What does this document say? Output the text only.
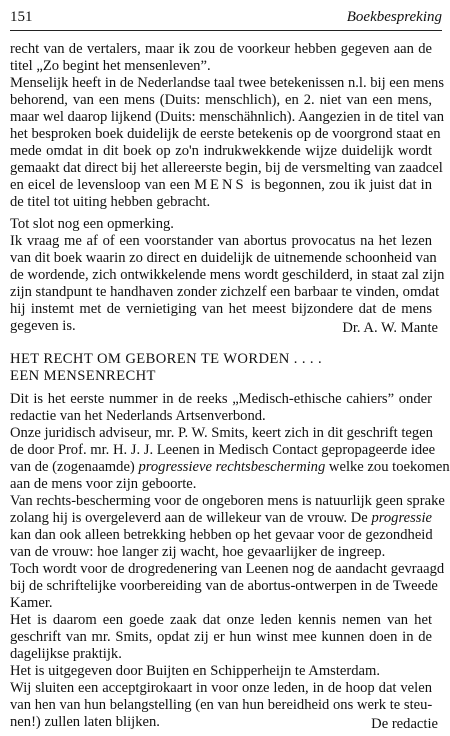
151	Boekbespreking
recht van de vertalers, maar ik zou de voorkeur hebben gegeven aan de
titel „Zo begint het mensenleven”.
Menselijk heeft in de Nederlandse taal twee betekenissen n.l. bij een mens
behorend, van een mens (Duits: menschlich), en 2. niet van een mens,
maar wel daarop lijkend (Duits: menschähnlich). Aangezien in de titel van
het besproken boek duidelijk de eerste betekenis op de voorgrond staat en
mede omdat in dit boek op zo'n indrukwekkende wijze duidelijk wordt
gemaakt dat direct bij het allereerste begin, bij de versmelting van zaadcel
en eicel de levensloop van een MENS is begonnen, zou ik juist dat in
de titel tot uiting hebben gebracht.
Tot slot nog een opmerking.
Ik vraag me af of een voorstander van abortus provocatus na het lezen
van dit boek waarin zo direct en duidelijk de uitnemende schoonheid van
de wordende, zich ontwikkelende mens wordt geschilderd, in staat zal zijn
zijn standpunt te handhaven zonder zichzelf een barbaar te vinden, omdat
hij instemt met de vernietiging van het meest bijzondere dat de mens
gegeven is.	Dr. A. W. Mante
HET RECHT OM GEBOREN TE WORDEN . . . .
EEN MENSENRECHT
Dit is het eerste nummer in de reeks „Medisch-ethische cahiers” onder
redactie van het Nederlands Artsenverbond.
Onze juridisch adviseur, mr. P. W. Smits, keert zich in dit geschrift tegen
de door Prof. mr. H. J. J. Leenen in Medisch Contact gepropageerde idee
van de (zogenaamde) progressieve rechtsbescherming welke zou toekomen
aan de mens voor zijn geboorte.
Van rechts-bescherming voor de ongeboren mens is natuurlijk geen sprake
zolang hij is overgeleverd aan de willekeur van de vrouw. De progressie
kan dan ook alleen betrekking hebben op het gevaar voor de gezondheid
van de vrouw: hoe langer zij wacht, hoe gevaarlijker de ingreep.
Toch wordt voor de drogredenering van Leenen nog de aandacht gevraagd
bij de schriftelijke voorbereiding van de abortus-ontwerpen in de Tweede
Kamer.
Het is daarom een goede zaak dat onze leden kennis nemen van het
geschrift van mr. Smits, opdat zij er hun winst mee kunnen doen in de
dagelijkse praktijk.
Het is uitgegeven door Buijten en Schipperheijn te Amsterdam.
Wij sluiten een acceptgirokaart in voor onze leden, in de hoop dat velen
van hen van hun belangstelling (en van hun bereidheid ons werk te steu-
nen!) zullen laten blijken.	De redactie
